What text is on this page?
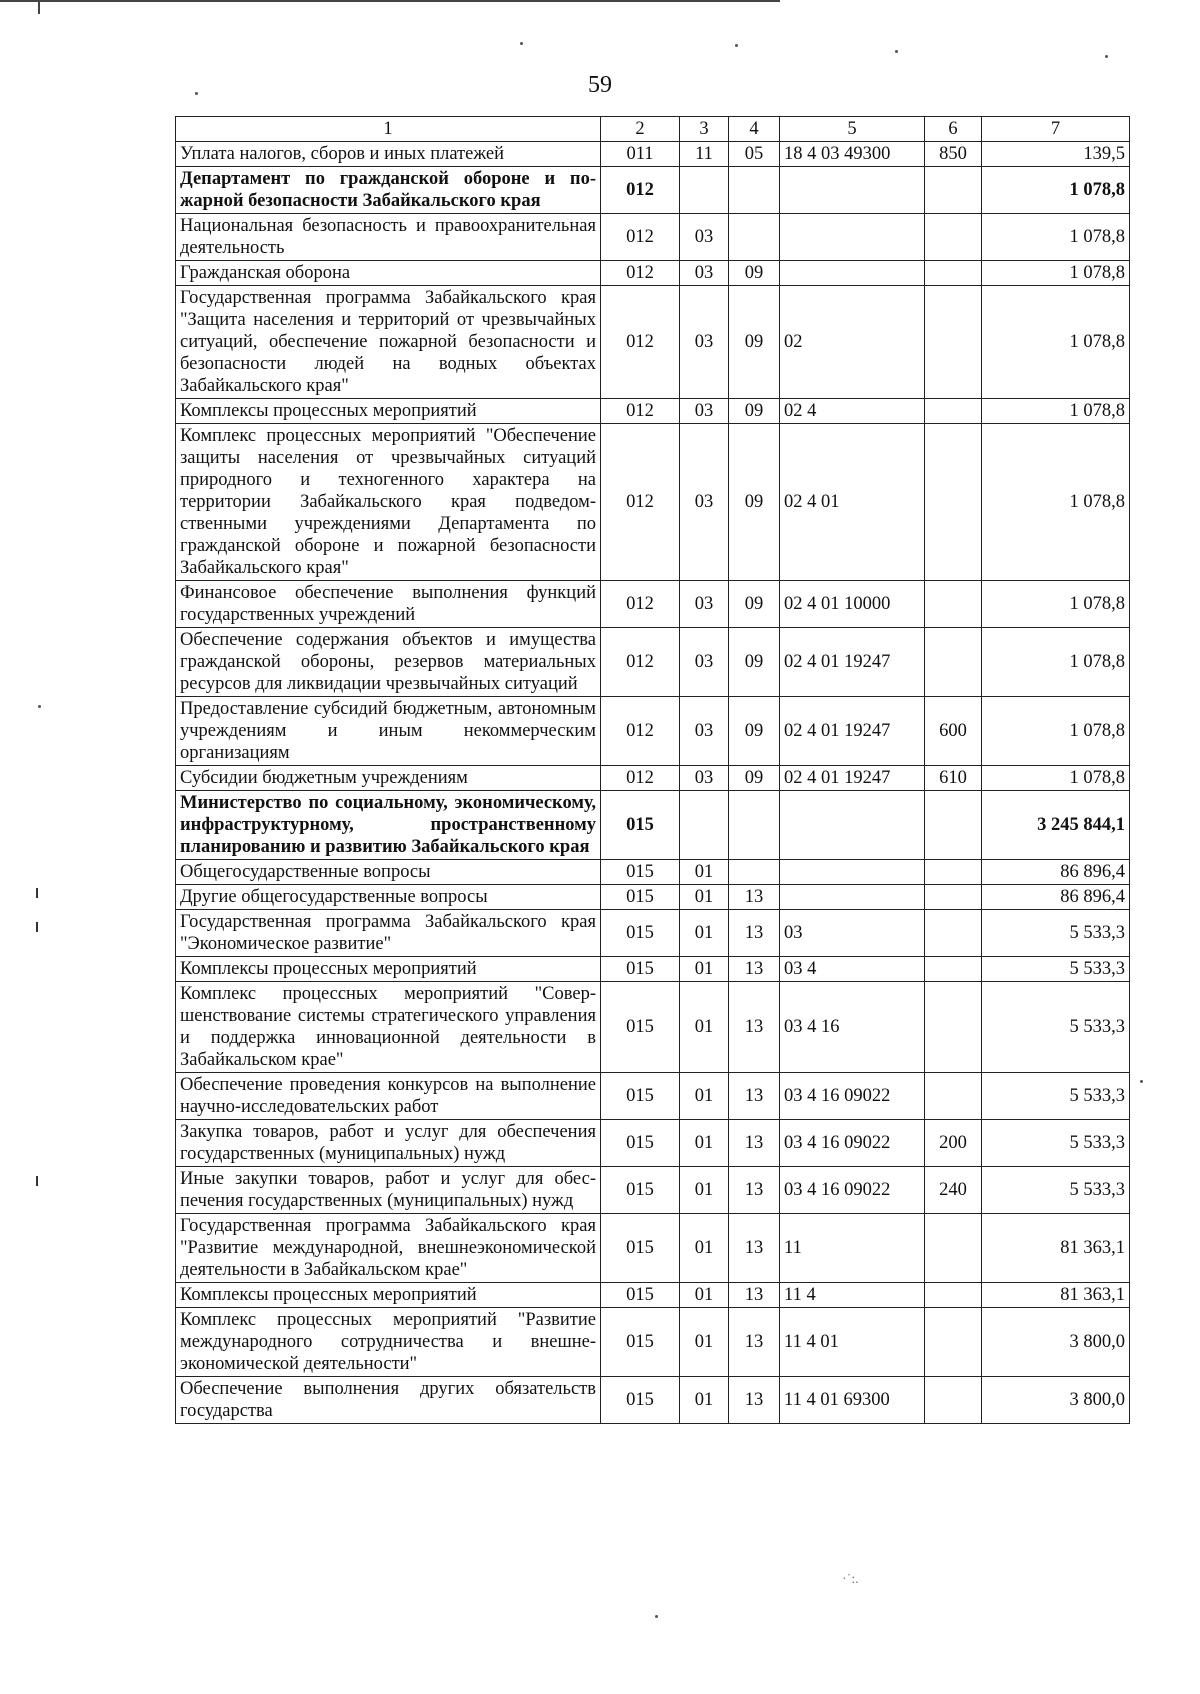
59
1	2	3	4	5	6	7
Уплата налогов, сборов и иных платежей	011	11	05	18 4 03 49300	850	139,5
Департамент по гражданской обороне и пожарной безопасности Забайкальского края	012					1 078,8
Национальная безопасность и правоохранительная деятельность	012	03				1 078,8
Гражданская оборона	012	03	09			1 078,8
Государственная программа Забайкальского края "Защита населения и территорий от чрезвычайных ситуаций, обеспечение пожарной безопасности и безопасности людей на водных объектах Забайкальского края"	012	03	09	02		1 078,8
Комплексы процессных мероприятий	012	03	09	02 4		1 078,8
Комплекс процессных мероприятий "Обеспечение защиты населения от чрезвычайных ситуаций природного и техногенного характера на территории Забайкальского края подведомственными учреждениями Департамента по гражданской обороне и пожарной безопасности Забайкальского края"	012	03	09	02 4 01		1 078,8
Финансовое обеспечение выполнения функций государственных учреждений	012	03	09	02 4 01 10000		1 078,8
Обеспечение содержания объектов и имущества гражданской обороны, резервов материальных ресурсов для ликвидации чрезвычайных ситуаций	012	03	09	02 4 01 19247		1 078,8
Предоставление субсидий бюджетным, автономным учреждениям и иным некоммерческим организациям	012	03	09	02 4 01 19247	600	1 078,8
Субсидии бюджетным учреждениям	012	03	09	02 4 01 19247	610	1 078,8
Министерство по социальному, экономическому, инфраструктурному, пространственному планированию и развитию Забайкальского края	015					3 245 844,1
Общегосударственные вопросы	015	01				86 896,4
Другие общегосударственные вопросы	015	01	13			86 896,4
Государственная программа Забайкальского края "Экономическое развитие"	015	01	13	03		5 533,3
Комплексы процессных мероприятий	015	01	13	03 4		5 533,3
Комплекс процессных мероприятий "Совершенствование системы стратегического управления и поддержка инновационной деятельности в Забайкальском крае"	015	01	13	03 4 16		5 533,3
Обеспечение проведения конкурсов на выполнение научно-исследовательских работ	015	01	13	03 4 16 09022		5 533,3
Закупка товаров, работ и услуг для обеспечения государственных (муниципальных) нужд	015	01	13	03 4 16 09022	200	5 533,3
Иные закупки товаров, работ и услуг для обеспечения государственных (муниципальных) нужд	015	01	13	03 4 16 09022	240	5 533,3
Государственная программа Забайкальского края "Развитие международной, внешнеэкономической деятельности в Забайкальском крае"	015	01	13	11		81 363,1
Комплексы процессных мероприятий	015	01	13	11 4		81 363,1
Комплекс процессных мероприятий "Развитие международного сотрудничества и внешнеэкономической деятельности"	015	01	13	11 4 01		3 800,0
Обеспечение выполнения других обязательств государства	015	01	13	11 4 01 69300		3 800,0
·˙:.
